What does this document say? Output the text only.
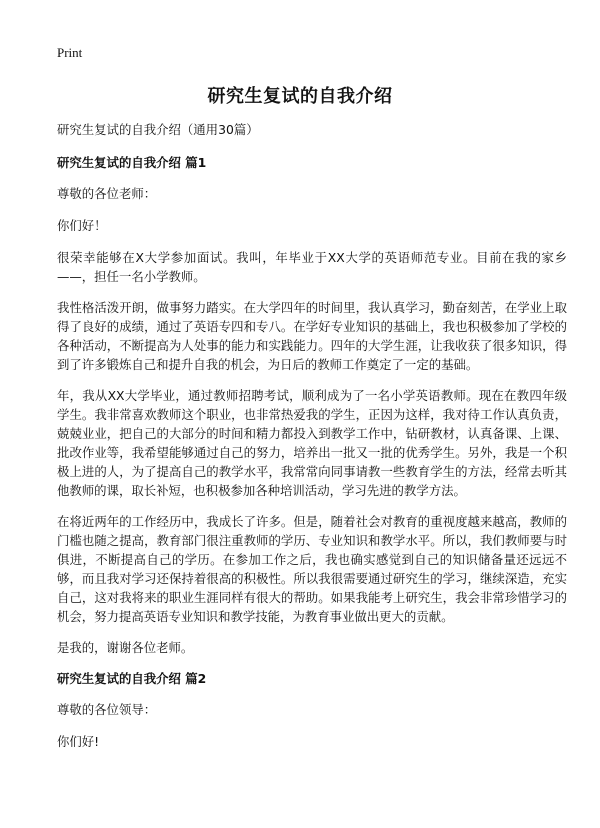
Print
研究生复试的自我介绍

研究生复试的自我介绍（通用30篇）

研究生复试的自我介绍 篇1

尊敬的各位老师：

你们好！

很荣幸能够在X大学参加面试。我叫，年毕业于XX大学的英语师范专业。目前在我的家乡——，担任一名小学教师。

我性格活泼开朗，做事努力踏实。在大学四年的时间里，我认真学习，勤奋刻苦，在学业上取得了良好的成绩，通过了英语专四和专八。在学好专业知识的基础上，我也积极参加了学校的各种活动，不断提高为人处事的能力和实践能力。四年的大学生涯，让我收获了很多知识，得到了许多锻炼自己和提升自我的机会，为日后的教师工作奠定了一定的基础。

年，我从XX大学毕业，通过教师招聘考试，顺利成为了一名小学英语教师。现在在教四年级学生。我非常喜欢教师这个职业，也非常热爱我的学生，正因为这样，我对待工作认真负责，兢兢业业，把自己的大部分的时间和精力都投入到教学工作中，钻研教材，认真备课、上课、批改作业等，我希望能够通过自己的努力，培养出一批又一批的优秀学生。另外，我是一个积极上进的人，为了提高自己的教学水平，我常常向同事请教一些教育学生的方法，经常去听其他教师的课，取长补短，也积极参加各种培训活动，学习先进的教学方法。

在将近两年的工作经历中，我成长了许多。但是，随着社会对教育的重视度越来越高，教师的门槛也随之提高，教育部门很注重教师的学历、专业知识和教学水平。所以，我们教师要与时俱进，不断提高自己的学历。在参加工作之后，我也确实感觉到自己的知识储备量还远远不够，而且我对学习还保持着很高的积极性。所以我很需要通过研究生的学习，继续深造，充实自己，这对我将来的职业生涯同样有很大的帮助。如果我能考上研究生，我会非常珍惜学习的机会，努力提高英语专业知识和教学技能，为教育事业做出更大的贡献。

是我的，谢谢各位老师。

研究生复试的自我介绍 篇2

尊敬的各位领导：

你们好!
